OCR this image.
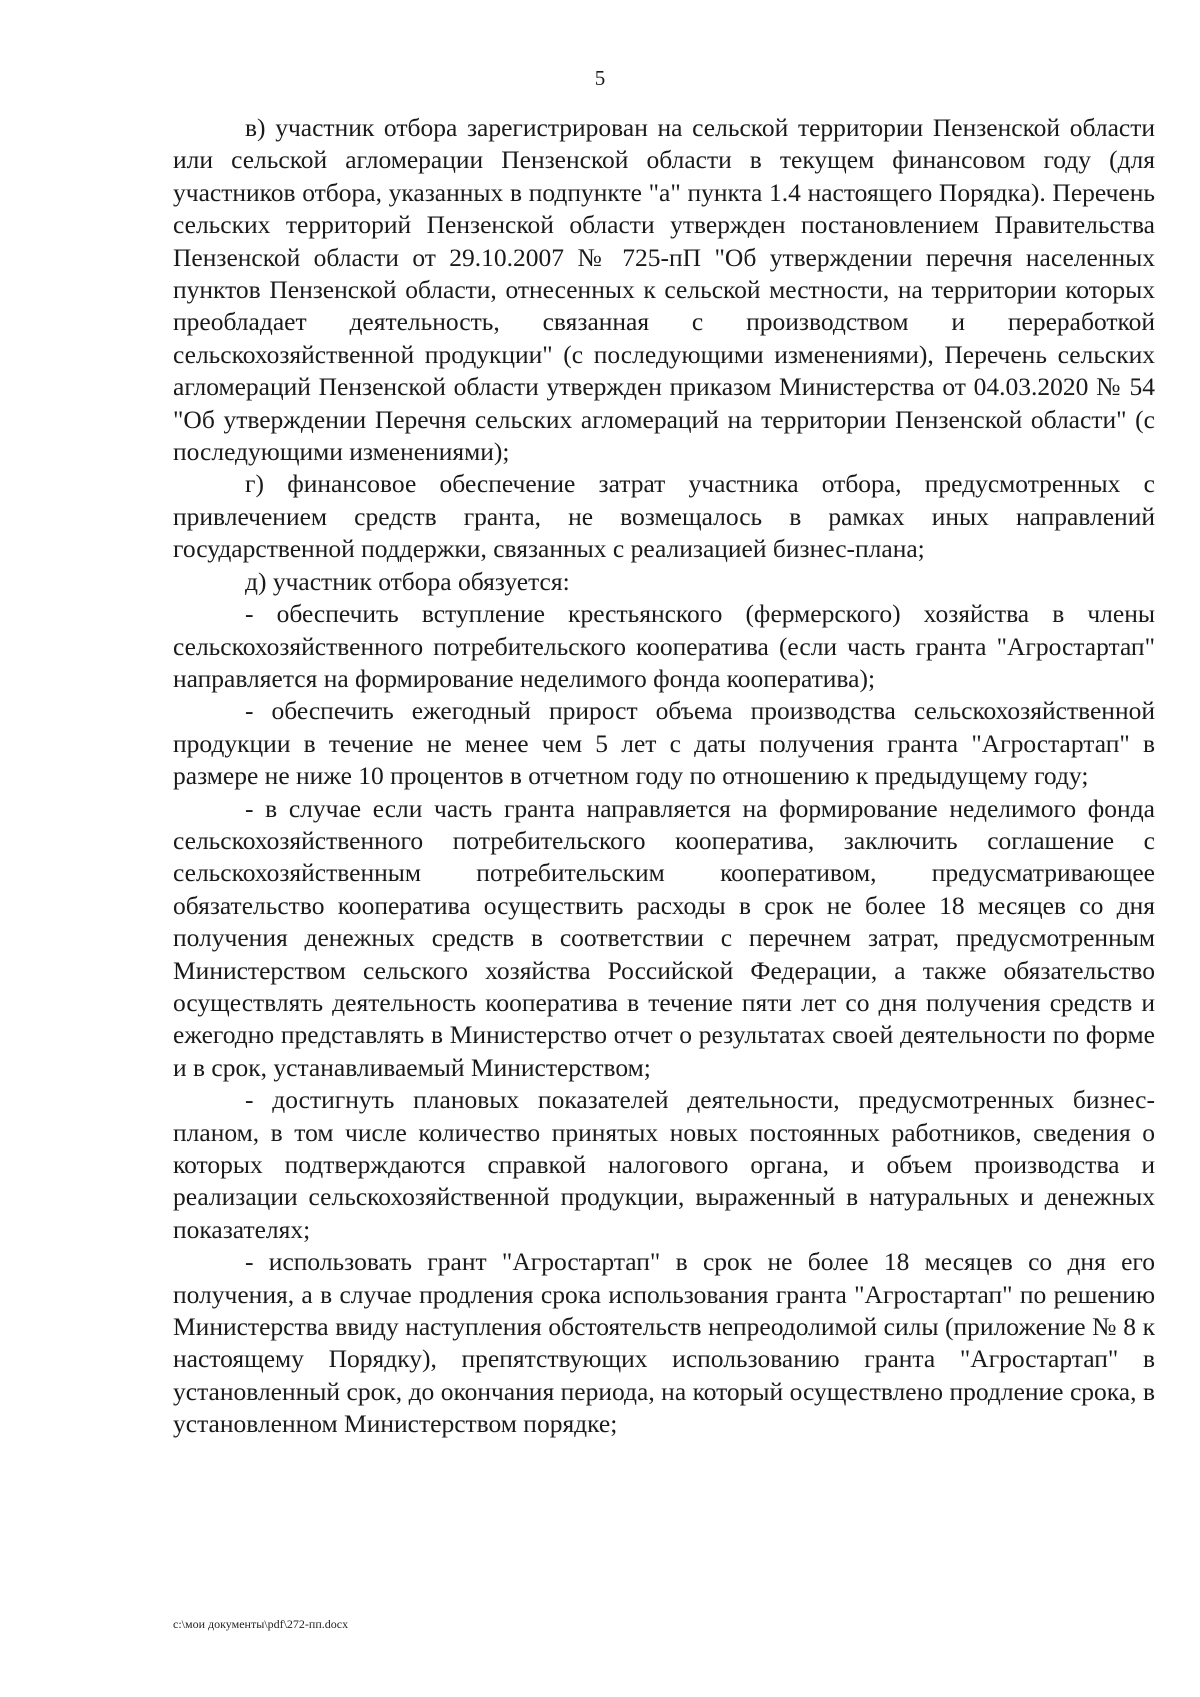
5

в) участник отбора зарегистрирован на сельской территории Пензенской области или сельской агломерации Пензенской области в текущем финансовом году (для участников отбора, указанных в подпункте "а" пункта 1.4 настоящего Порядка). Перечень сельских территорий Пензенской области утвержден постановлением Правительства Пензенской области от 29.10.2007 № 725-пП "Об утверждении перечня населенных пунктов Пензенской области, отнесенных к сельской местности, на территории которых преобладает деятельность, связанная с производством и переработкой сельскохозяйственной продукции" (с последующими изменениями), Перечень сельских агломераций Пензенской области утвержден приказом Министерства от 04.03.2020 № 54 "Об утверждении Перечня сельских агломераций на территории Пензенской области" (с последующими изменениями);

г) финансовое обеспечение затрат участника отбора, предусмотренных с привлечением средств гранта, не возмещалось в рамках иных направлений государственной поддержки, связанных с реализацией бизнес-плана;

д) участник отбора обязуется:

- обеспечить вступление крестьянского (фермерского) хозяйства в члены сельскохозяйственного потребительского кооператива (если часть гранта "Агростартап" направляется на формирование неделимого фонда кооператива);

- обеспечить ежегодный прирост объема производства сельскохозяйственной продукции в течение не менее чем 5 лет с даты получения гранта "Агростартап" в размере не ниже 10 процентов в отчетном году по отношению к предыдущему году;

- в случае если часть гранта направляется на формирование неделимого фонда сельскохозяйственного потребительского кооператива, заключить соглашение с сельскохозяйственным потребительским кооперативом, предусматривающее обязательство кооператива осуществить расходы в срок не более 18 месяцев со дня получения денежных средств в соответствии с перечнем затрат, предусмотренным Министерством сельского хозяйства Российской Федерации, а также обязательство осуществлять деятельность кооператива в течение пяти лет со дня получения средств и ежегодно представлять в Министерство отчет о результатах своей деятельности по форме и в срок, устанавливаемый Министерством;

- достигнуть плановых показателей деятельности, предусмотренных бизнес-планом, в том числе количество принятых новых постоянных работников, сведения о которых подтверждаются справкой налогового органа, и объем производства и реализации сельскохозяйственной продукции, выраженный в натуральных и денежных показателях;

- использовать грант "Агростартап" в срок не более 18 месяцев со дня его получения, а в случае продления срока использования гранта "Агростартап" по решению Министерства ввиду наступления обстоятельств непреодолимой силы (приложение № 8 к настоящему Порядку), препятствующих использованию гранта "Агростартап" в установленный срок, до окончания периода, на который осуществлено продление срока, в установленном Министерством порядке;

c:\мои документы\pdf\272-пп.docx
